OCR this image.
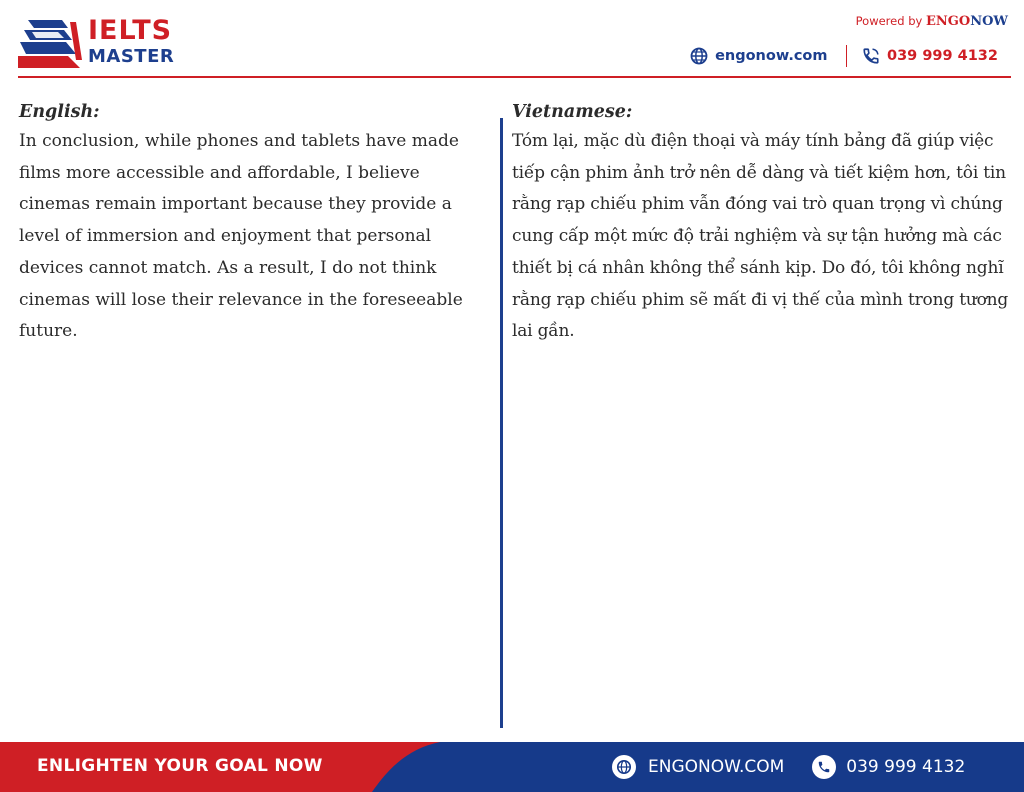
IELTS
MASTER
Powered by ENGONOW
engonow.com	039 999 4132
English:
In conclusion, while phones and tablets have made films more accessible and affordable, I believe cinemas remain important because they provide a level of immersion and enjoyment that personal devices cannot match. As a result, I do not think cinemas will lose their relevance in the foreseeable future.
Vietnamese:
Tóm lại, mặc dù điện thoại và máy tính bảng đã giúp việc tiếp cận phim ảnh trở nên dễ dàng và tiết kiệm hơn, tôi tin rằng rạp chiếu phim vẫn đóng vai trò quan trọng vì chúng cung cấp một mức độ trải nghiệm và sự tận hưởng mà các thiết bị cá nhân không thể sánh kịp. Do đó, tôi không nghĩ rằng rạp chiếu phim sẽ mất đi vị thế của mình trong tương lai gần.
ENLIGHTEN YOUR GOAL NOW	ENGONOW.COM	039 999 4132
